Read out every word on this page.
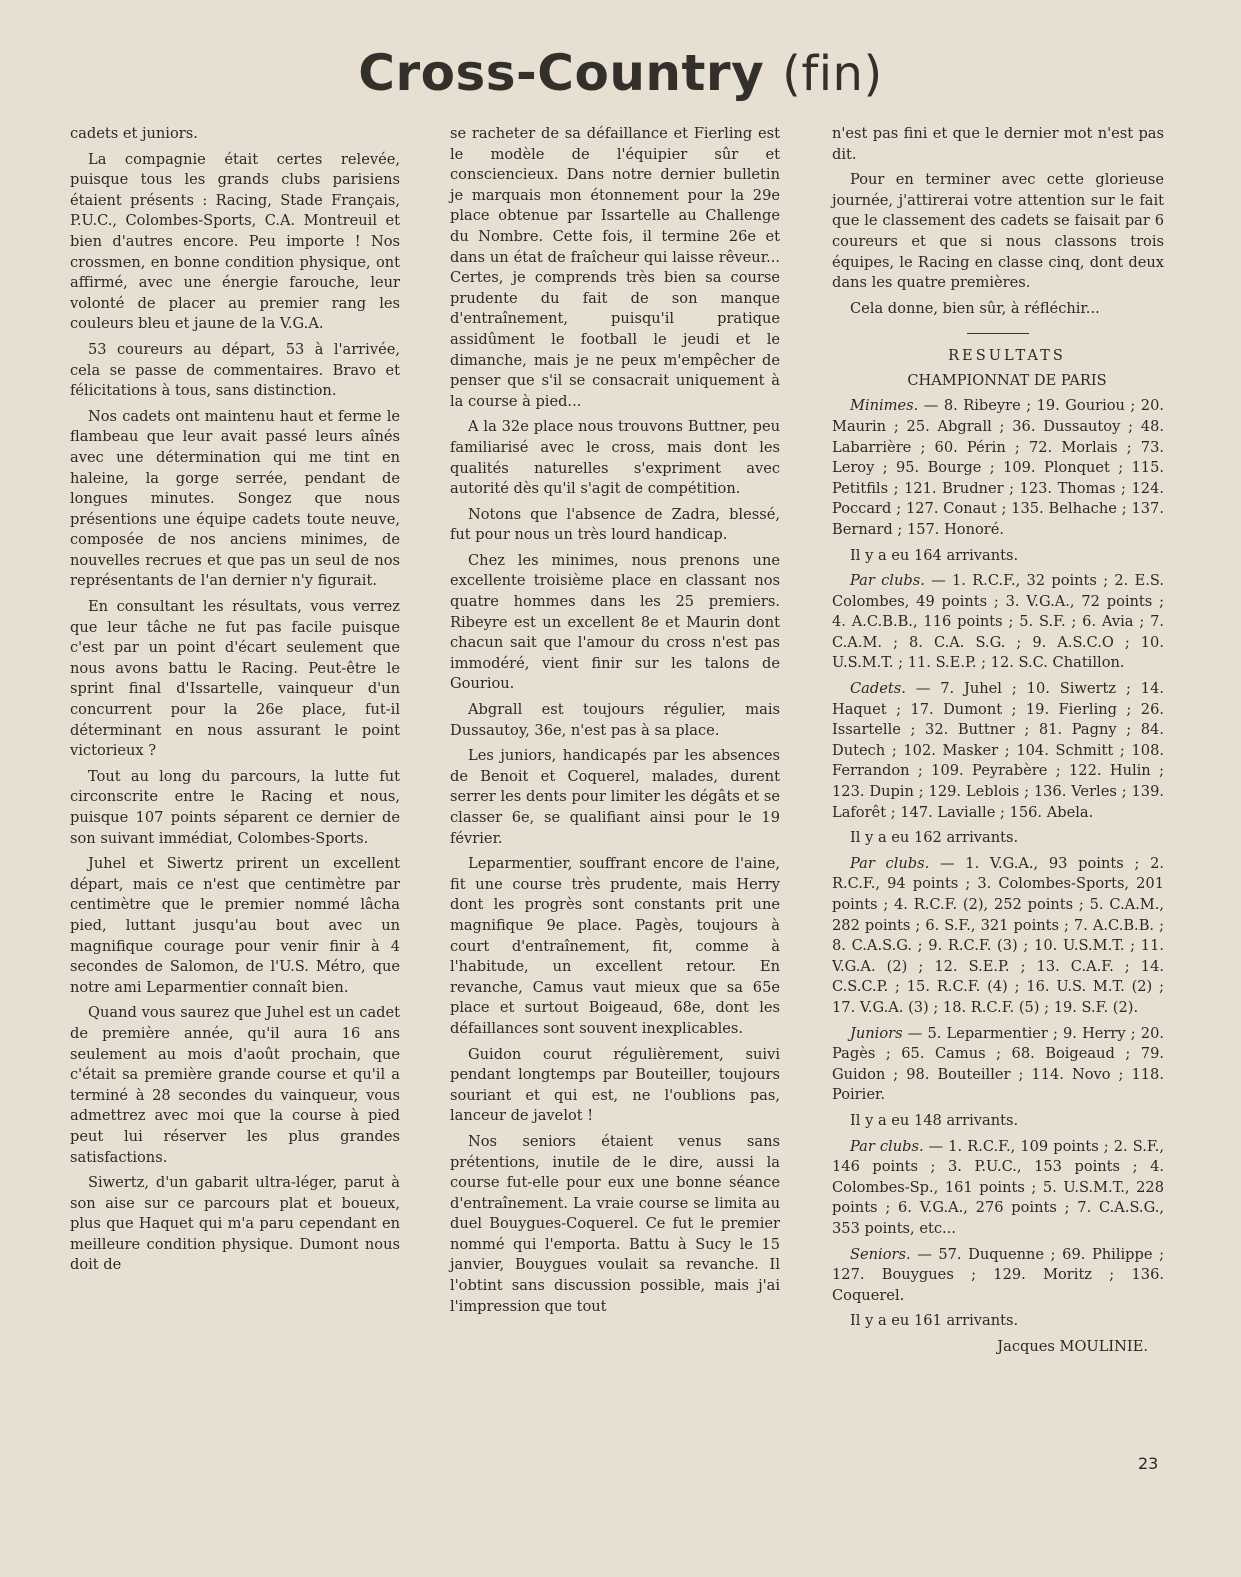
Cross-Country (fin)

cadets et juniors.

La compagnie était certes relevée, puisque tous les grands clubs parisiens étaient présents : Racing, Stade Français, P.U.C., Colombes-Sports, C.A. Montreuil et bien d'autres encore. Peu importe ! Nos crossmen, en bonne condition physique, ont affirmé, avec une énergie farouche, leur volonté de placer au premier rang les couleurs bleu et jaune de la V.G.A.

53 coureurs au départ, 53 à l'arrivée, cela se passe de commentaires. Bravo et félicitations à tous, sans distinction.

Nos cadets ont maintenu haut et ferme le flambeau que leur avait passé leurs aînés avec une détermination qui me tint en haleine, la gorge serrée, pendant de longues minutes. Songez que nous présentions une équipe cadets toute neuve, composée de nos anciens minimes, de nouvelles recrues et que pas un seul de nos représentants de l'an dernier n'y figurait.

En consultant les résultats, vous verrez que leur tâche ne fut pas facile puisque c'est par un point d'écart seulement que nous avons battu le Racing. Peut-être le sprint final d'Issartelle, vainqueur d'un concurrent pour la 26e place, fut-il déterminant en nous assurant le point victorieux ?

Tout au long du parcours, la lutte fut circonscrite entre le Racing et nous, puisque 107 points séparent ce dernier de son suivant immédiat, Colombes-Sports.

Juhel et Siwertz prirent un excellent départ, mais ce n'est que centimètre par centimètre que le premier nommé lâcha pied, luttant jusqu'au bout avec un magnifique courage pour venir finir à 4 secondes de Salomon, de l'U.S. Métro, que notre ami Leparmentier connaît bien.

Quand vous saurez que Juhel est un cadet de première année, qu'il aura 16 ans seulement au mois d'août prochain, que c'était sa première grande course et qu'il a terminé à 28 secondes du vainqueur, vous admettrez avec moi que la course à pied peut lui réserver les plus grandes satisfactions.

Siwertz, d'un gabarit ultra-léger, parut à son aise sur ce parcours plat et boueux, plus que Haquet qui m'a paru cependant en meilleure condition physique. Dumont nous doit de

se racheter de sa défaillance et Fierling est le modèle de l'équipier sûr et consciencieux. Dans notre dernier bulletin je marquais mon étonnement pour la 29e place obtenue par Issartelle au Challenge du Nombre. Cette fois, il termine 26e et dans un état de fraîcheur qui laisse rêveur... Certes, je comprends très bien sa course prudente du fait de son manque d'entraînement, puisqu'il pratique assidûment le football le jeudi et le dimanche, mais je ne peux m'empêcher de penser que s'il se consacrait uniquement à la course à pied...

A la 32e place nous trouvons Buttner, peu familiarisé avec le cross, mais dont les qualités naturelles s'expriment avec autorité dès qu'il s'agit de compétition.

Notons que l'absence de Zadra, blessé, fut pour nous un très lourd handicap.

Chez les minimes, nous prenons une excellente troisième place en classant nos quatre hommes dans les 25 premiers. Ribeyre est un excellent 8e et Maurin dont chacun sait que l'amour du cross n'est pas immodéré, vient finir sur les talons de Gouriou.

Abgrall est toujours régulier, mais Dussautoy, 36e, n'est pas à sa place.

Les juniors, handicapés par les absences de Benoit et Coquerel, malades, durent serrer les dents pour limiter les dégâts et se classer 6e, se qualifiant ainsi pour le 19 février.

Leparmentier, souffrant encore de l'aine, fit une course très prudente, mais Herry dont les progrès sont constants prit une magnifique 9e place. Pagès, toujours à court d'entraînement, fit, comme à l'habitude, un excellent retour. En revanche, Camus vaut mieux que sa 65e place et surtout Boigeaud, 68e, dont les défaillances sont souvent inexplicables.

Guidon courut régulièrement, suivi pendant longtemps par Bouteiller, toujours souriant et qui est, ne l'oublions pas, lanceur de javelot !

Nos seniors étaient venus sans prétentions, inutile de le dire, aussi la course fut-elle pour eux une bonne séance d'entraînement. La vraie course se limita au duel Bouygues-Coquerel. Ce fut le premier nommé qui l'emporta. Battu à Sucy le 15 janvier, Bouygues voulait sa revanche. Il l'obtint sans discussion possible, mais j'ai l'impression que tout

n'est pas fini et que le dernier mot n'est pas dit.

Pour en terminer avec cette glorieuse journée, j'attirerai votre attention sur le fait que le classement des cadets se faisait par 6 coureurs et que si nous classons trois équipes, le Racing en classe cinq, dont deux dans les quatre premières.

Cela donne, bien sûr, à réfléchir...

RESULTATS

CHAMPIONNAT DE PARIS

Minimes. — 8. Ribeyre ; 19. Gouriou ; 20. Maurin ; 25. Abgrall ; 36. Dussautoy ; 48. Labarrière ; 60. Périn ; 72. Morlais ; 73. Leroy ; 95. Bourge ; 109. Plonquet ; 115. Petitfils ; 121. Brudner ; 123. Thomas ; 124. Poccard ; 127. Conaut ; 135. Belhache ; 137. Bernard ; 157. Honoré.

Il y a eu 164 arrivants.

Par clubs. — 1. R.C.F., 32 points ; 2. E.S. Colombes, 49 points ; 3. V.G.A., 72 points ; 4. A.C.B.B., 116 points ; 5. S.F. ; 6. Avia ; 7. C.A.M. ; 8. C.A. S.G. ; 9. A.S.C.O ; 10. U.S.M.T. ; 11. S.E.P. ; 12. S.C. Chatillon.

Cadets. — 7. Juhel ; 10. Siwertz ; 14. Haquet ; 17. Dumont ; 19. Fierling ; 26. Issartelle ; 32. Buttner ; 81. Pagny ; 84. Dutech ; 102. Masker ; 104. Schmitt ; 108. Ferrandon ; 109. Peyrabère ; 122. Hulin ; 123. Dupin ; 129. Leblois ; 136. Verles ; 139. Laforêt ; 147. Lavialle ; 156. Abela.

Il y a eu 162 arrivants.

Par clubs. — 1. V.G.A., 93 points ; 2. R.C.F., 94 points ; 3. Colombes-Sports, 201 points ; 4. R.C.F. (2), 252 points ; 5. C.A.M., 282 points ; 6. S.F., 321 points ; 7. A.C.B.B. ; 8. C.A.S.G. ; 9. R.C.F. (3) ; 10. U.S.M.T. ; 11. V.G.A. (2) ; 12. S.E.P. ; 13. C.A.F. ; 14. C.S.C.P. ; 15. R.C.F. (4) ; 16. U.S. M.T. (2) ; 17. V.G.A. (3) ; 18. R.C.F. (5) ; 19. S.F. (2).

Juniors — 5. Leparmentier ; 9. Herry ; 20. Pagès ; 65. Camus ; 68. Boigeaud ; 79. Guidon ; 98. Bouteiller ; 114. Novo ; 118. Poirier.

Il y a eu 148 arrivants.

Par clubs. — 1. R.C.F., 109 points ; 2. S.F., 146 points ; 3. P.U.C., 153 points ; 4. Colombes-Sp., 161 points ; 5. U.S.M.T., 228 points ; 6. V.G.A., 276 points ; 7. C.A.S.G., 353 points, etc...

Seniors. — 57. Duquenne ; 69. Philippe ; 127. Bouygues ; 129. Moritz ; 136. Coquerel.

Il y a eu 161 arrivants.

Jacques MOULINIE.

23
